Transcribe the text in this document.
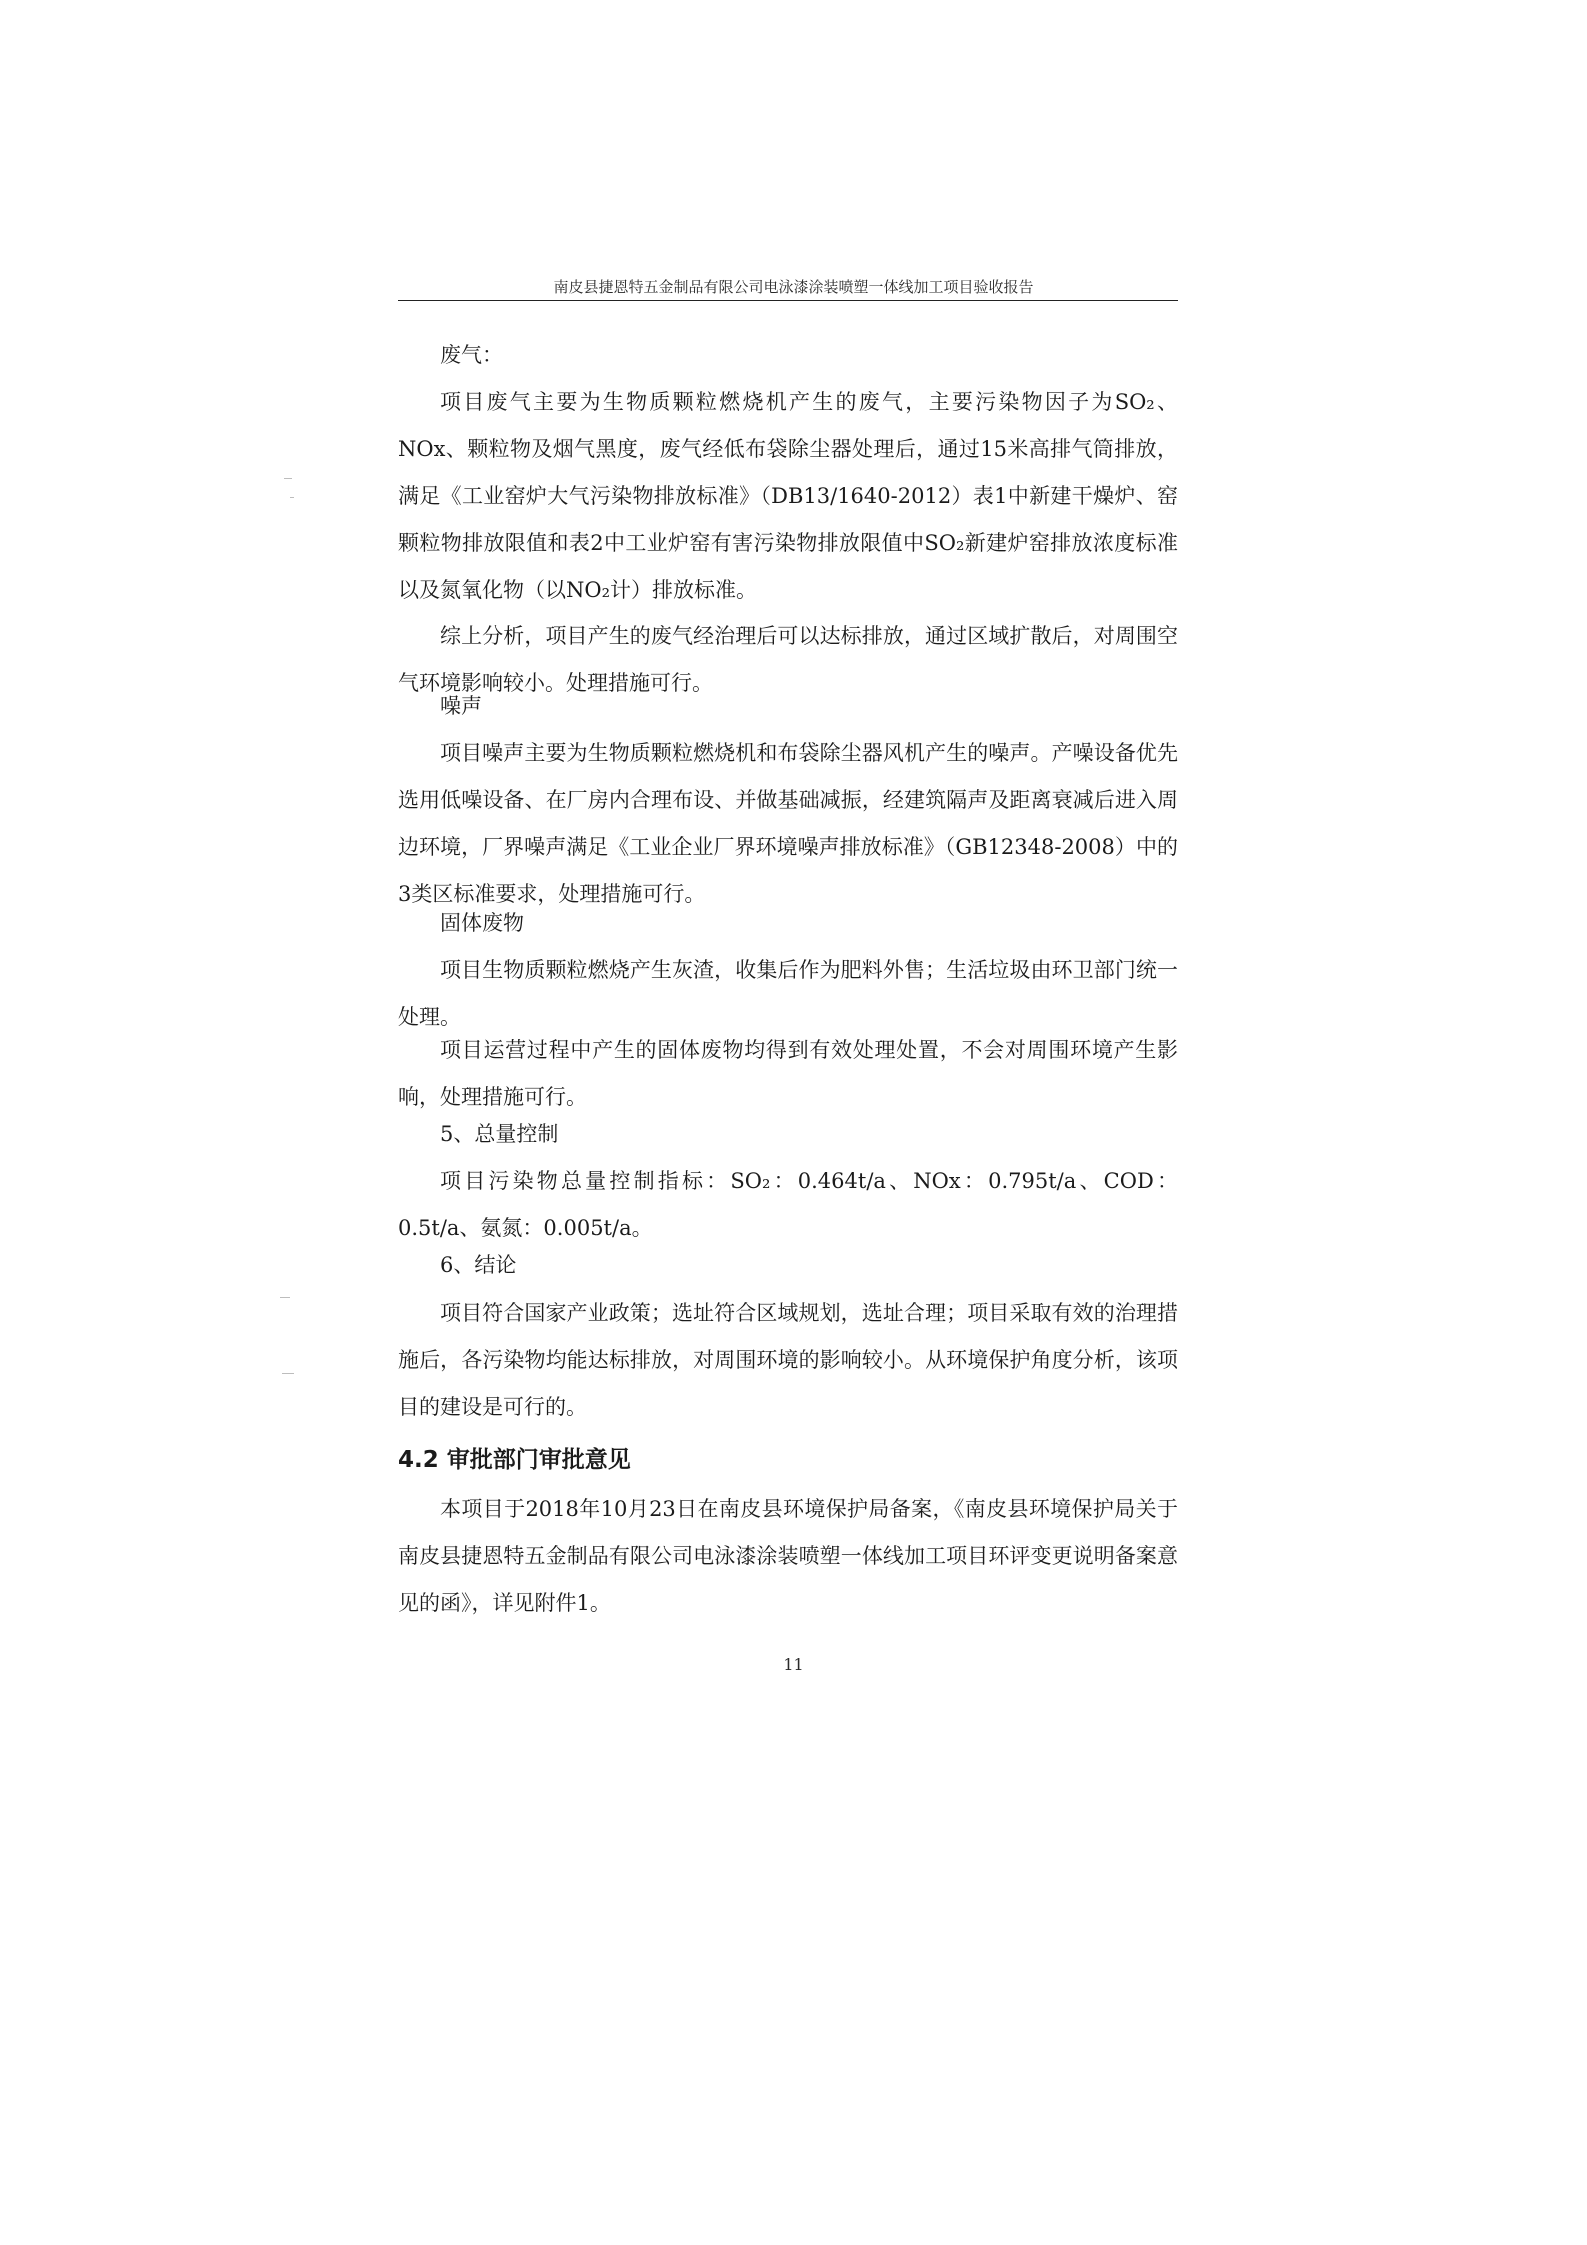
南皮县捷恩特五金制品有限公司电泳漆涂装喷塑一体线加工项目验收报告

废气：

项目废气主要为生物质颗粒燃烧机产生的废气，主要污染物因子为SO₂、NOx、颗粒物及烟气黑度，废气经低布袋除尘器处理后，通过15米高排气筒排放，满足《工业窑炉大气污染物排放标准》（DB13/1640-2012）表1中新建干燥炉、窑颗粒物排放限值和表2中工业炉窑有害污染物排放限值中SO₂新建炉窑排放浓度标准以及氮氧化物（以NO₂计）排放标准。

综上分析，项目产生的废气经治理后可以达标排放，通过区域扩散后，对周围空气环境影响较小。处理措施可行。

噪声

项目噪声主要为生物质颗粒燃烧机和布袋除尘器风机产生的噪声。产噪设备优先选用低噪设备、在厂房内合理布设、并做基础减振，经建筑隔声及距离衰减后进入周边环境，厂界噪声满足《工业企业厂界环境噪声排放标准》（GB12348-2008）中的3类区标准要求，处理措施可行。

固体废物

项目生物质颗粒燃烧产生灰渣，收集后作为肥料外售；生活垃圾由环卫部门统一处理。

项目运营过程中产生的固体废物均得到有效处理处置，不会对周围环境产生影响，处理措施可行。

5、总量控制

项目污染物总量控制指标：SO₂：0.464t/a、NOx：0.795t/a、COD：0.5t/a、氨氮：0.005t/a。

6、结论

项目符合国家产业政策；选址符合区域规划，选址合理；项目采取有效的治理措施后，各污染物均能达标排放，对周围环境的影响较小。从环境保护角度分析，该项目的建设是可行的。

4.2 审批部门审批意见

本项目于2018年10月23日在南皮县环境保护局备案，《南皮县环境保护局关于南皮县捷恩特五金制品有限公司电泳漆涂装喷塑一体线加工项目环评变更说明备案意见的函》，详见附件1。

11
